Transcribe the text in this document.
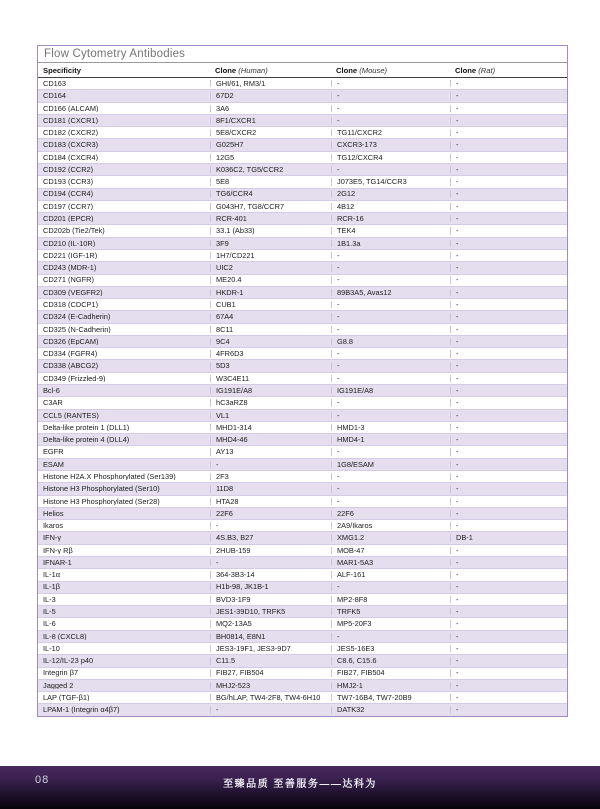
Flow Cytometry Antibodies
Specificity	Clone (Human)	Clone (Mouse)	Clone (Rat)
CD163	GHI/61, RM3/1	-	-
CD164	67D2	-	-
CD166 (ALCAM)	3A6	-	-
CD181 (CXCR1)	8F1/CXCR1	-	-
CD182 (CXCR2)	5E8/CXCR2	TG11/CXCR2	-
CD183 (CXCR3)	G025H7	CXCR3-173	-
CD184 (CXCR4)	12G5	TG12/CXCR4	-
CD192 (CCR2)	K036C2, TG5/CCR2	-	-
CD193 (CCR3)	5E8	J073E5, TG14/CCR3	-
CD194 (CCR4)	TG6/CCR4	2G12	-
CD197 (CCR7)	G043H7, TG8/CCR7	4B12	-
CD201 (EPCR)	RCR-401	RCR-16	-
CD202b (Tie2/Tek)	33.1 (Ab33)	TEK4	-
CD210 (IL-10R)	3F9	1B1.3a	-
CD221 (IGF-1R)	1H7/CD221	-	-
CD243 (MDR-1)	UIC2	-	-
CD271 (NGFR)	ME20.4	-	-
CD309 (VEGFR2)	HKDR-1	89B3A5, Avas12	-
CD318 (CDCP1)	CUB1	-	-
CD324 (E-Cadherin)	67A4	-	-
CD325 (N-Cadherin)	8C11	-	-
CD326 (EpCAM)	9C4	G8.8	-
CD334 (FGFR4)	4FR6D3	-	-
CD338 (ABCG2)	5D3	-	-
CD349 (Frizzled-9)	W3C4E11	-	-
Bcl-6	IG191E/A8	IG191E/A8	-
C3AR	hC3aRZ8	-	-
CCL5 (RANTES)	VL1	-	-
Delta-like protein 1 (DLL1)	MHD1-314	HMD1-3	-
Delta-like protein 4 (DLL4)	MHD4-46	HMD4-1	-
EGFR	AY13	-	-
ESAM	-	1G8/ESAM	-
Histone H2A.X Phosphorylated (Ser139)	2F3	-	-
Histone H3 Phosphorylated (Ser10)	11D8	-	-
Histone H3 Phosphorylated (Ser28)	HTA28	-	-
Helios	22F6	22F6	-
Ikaros	-	2A9/Ikaros	-
IFN-γ	4S.B3, B27	XMG1.2	DB-1
IFN-γ Rβ	2HUB-159	MOB-47	-
IFNAR-1	-	MAR1-5A3	-
IL-1α	364-3B3-14	ALF-161	-
IL-1β	H1b-98, JK1B-1	-	-
IL-3	BVD3-1F9	MP2-8F8	-
IL-5	JES1-39D10, TRFK5	TRFK5	-
IL-6	MQ2-13A5	MP5-20F3	-
IL-8 (CXCL8)	BH0814, E8N1	-	-
IL-10	JES3-19F1, JES3-9D7	JES5-16E3	-
IL-12/IL-23 p40	C11.5	C8.6, C15.6	-
Integrin β7	FIB27, FIB504	FIB27, FIB504	-
Jagged 2	MHJ2-523	HMJ2-1	-
LAP (TGF-β1)	BG/hLAP, TW4-2F8, TW4-6H10	TW7-16B4, TW7-20B9	-
LPAM-1 (Integrin α4β7)	-	DATK32	-
08	至臻品质 至善服务——达科为
